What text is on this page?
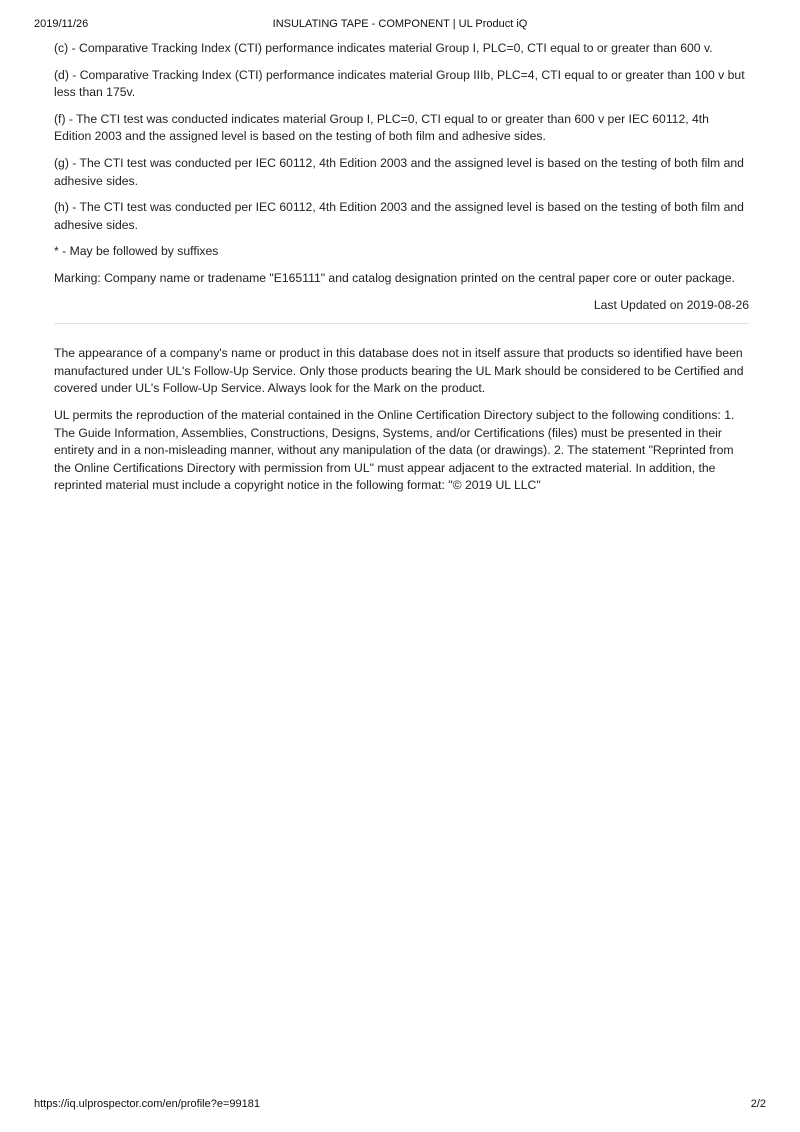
2019/11/26	INSULATING TAPE - COMPONENT | UL Product iQ

(c) - Comparative Tracking Index (CTI) performance indicates material Group I, PLC=0, CTI equal to or greater than 600 v.

(d) - Comparative Tracking Index (CTI) performance indicates material Group IIIb, PLC=4, CTI equal to or greater than 100 v but less than 175v.

(f) - The CTI test was conducted indicates material Group I, PLC=0, CTI equal to or greater than 600 v per IEC 60112, 4th Edition 2003 and the assigned level is based on the testing of both film and adhesive sides.

(g) - The CTI test was conducted per IEC 60112, 4th Edition 2003 and the assigned level is based on the testing of both film and adhesive sides.

(h) - The CTI test was conducted per IEC 60112, 4th Edition 2003 and the assigned level is based on the testing of both film and adhesive sides.

* - May be followed by suffixes

Marking: Company name or tradename "E165111" and catalog designation printed on the central paper core or outer package.

Last Updated on 2019-08-26

The appearance of a company's name or product in this database does not in itself assure that products so identified have been manufactured under UL's Follow-Up Service. Only those products bearing the UL Mark should be considered to be Certified and covered under UL's Follow-Up Service. Always look for the Mark on the product.

UL permits the reproduction of the material contained in the Online Certification Directory subject to the following conditions: 1. The Guide Information, Assemblies, Constructions, Designs, Systems, and/or Certifications (files) must be presented in their entirety and in a non-misleading manner, without any manipulation of the data (or drawings). 2. The statement "Reprinted from the Online Certifications Directory with permission from UL" must appear adjacent to the extracted material. In addition, the reprinted material must include a copyright notice in the following format: "© 2019 UL LLC"

https://iq.ulprospector.com/en/profile?e=99181	2/2
